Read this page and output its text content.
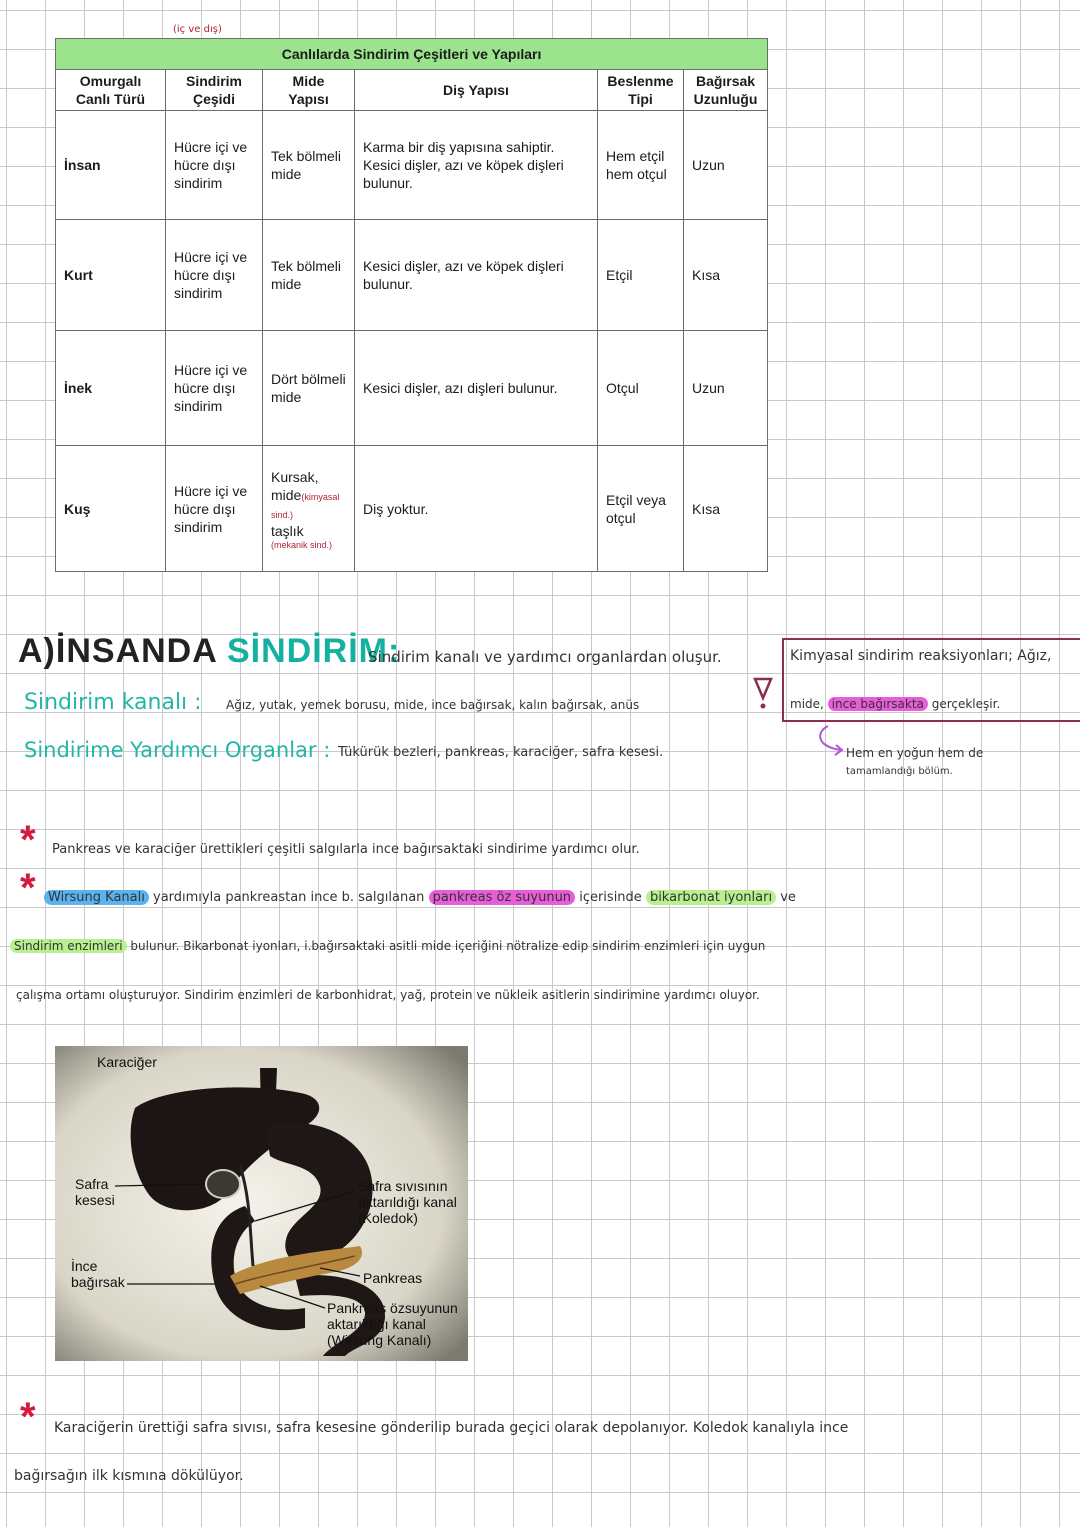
(iç ve dış)
Canlılarda Sindirim Çeşitleri ve Yapıları					
Omurgalı Canlı Türü	Sindirim Çeşidi	Mide Yapısı	Diş Yapısı	Beslenme Tipi	Bağırsak Uzunluğu
İnsan	Hücre içi ve hücre dışı sindirim	Tek bölmeli mide	Karma bir diş yapısına sahiptir. Kesici dişler, azı ve köpek dişleri bulunur.	Hem etçil hem otçul	Uzun
Kurt	Hücre içi ve hücre dışı sindirim	Tek bölmeli mide	Kesici dişler, azı ve köpek dişleri bulunur.	Etçil	Kısa
İnek	Hücre içi ve hücre dışı sindirim	Dört bölmeli mide	Kesici dişler, azı dişleri bulunur.	Otçul	Uzun
Kuş	Hücre içi ve hücre dışı sindirim	Kursak,
mide(kimyasal sind.)
taşlık
(mekanik sind.)	Diş yoktur.	Etçil veya otçul	Kısa
A)İNSANDA SİNDİRİM:
Sindirim kanalı ve yardımcı organlardan oluşur.
Sindirim kanalı : Ağız, yutak, yemek borusu, mide, ince bağırsak, kalın bağırsak, anüs
Sindirime Yardımcı Organlar : Tükürük bezleri, pankreas, karaciğer, safra kesesi.
Kimyasal sindirim reaksiyonları; Ağız,
mide, ince bağırsakta gerçekleşir.
Hem en yoğun hem de
tamamlandığı bölüm.
* Pankreas ve karaciğer ürettikleri çeşitli salgılarla ince bağırsaktaki sindirime yardımcı olur.
* Wirsung Kanalı yardımıyla pankreastan ince b. salgılanan pankreas öz suyunun içerisinde bikarbonat iyonları ve
Sindirim enzimleri bulunur. Bikarbonat iyonları, i.bağırsaktaki asitli mide içeriğini nötralize edip sindirim enzimleri için uygun
çalışma ortamı oluşturuyor. Sindirim enzimleri de karbonhidrat, yağ, protein ve nükleik asitlerin sindirimine yardımcı oluyor.
Karaciğer
Safra kesesi
İnce bağırsak
Safra sıvısının aktarıldığı kanal (Koledok)
Pankreas
Pankreas özsuyunun aktarıldığı kanal (Wirsung Kanalı)
* Karaciğerin ürettiği safra sıvısı, safra kesesine gönderilip burada geçici olarak depolanıyor. Koledok kanalıyla ince
bağırsağın ilk kısmına dökülüyor.
